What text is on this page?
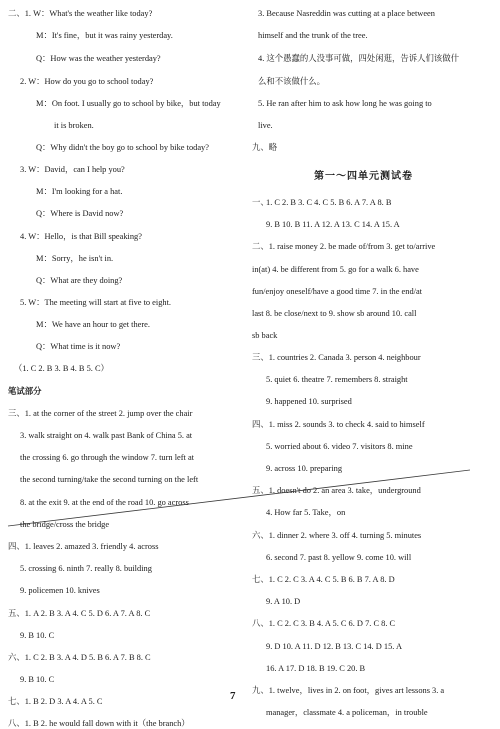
二、1. W：What's the weather like today?
M：It's fine，but it was rainy yesterday.
Q：How was the weather yesterday?
2. W：How do you go to school today?
M：On foot. I usually go to school by bike，but today
it is broken.
Q：Why didn't the boy go to school by bike today?
3. W：David，can I help you?
M：I'm looking for a hat.
Q：Where is David now?
4. W：Hello，is that Bill speaking?
M：Sorry，he isn't in.
Q：What are they doing?
5. W：The meeting will start at five to eight.
M：We have an hour to get there.
Q：What time is it now?
（1. C 2. B 3. B 4. B 5. C）
笔试部分
三、1. at the corner of the street 2. jump over the chair
3. walk straight on 4. walk past Bank of China 5. at
the crossing 6. go through the window 7. turn left at
the second turning/take the second turning on the left
8. at the exit 9. at the end of the road 10. go across
the bridge/cross the bridge
四、1. leaves 2. amazed 3. friendly 4. across
5. crossing 6. ninth 7. really 8. building
9. policemen 10. knives
五、1. A 2. B 3. A 4. C 5. D 6. A 7. A 8. C
9. B 10. C
六、1. C 2. B 3. A 4. D 5. B 6. A 7. B 8. C
9. B 10. C
七、1. B 2. D 3. A 4. A 5. C
八、1. B 2. he would fall down with it（the branch）
第一～四单元测试卷
一、
3. Because Nasreddin was cutting at a place between
himself and the trunk of the tree.
4. 这个愚蠢的人没事可做，四处闲逛，告诉人们该做什
么和不该做什么。
5. He ran after him to ask how long he was going to
live.
九、略
1. C 2. B 3. C 4. C 5. B 6. A 7. A 8. B
9. B 10. B 11. A 12. A 13. C 14. A 15. A
二、1. raise money 2. be made of/from 3. get to/arrive
in(at) 4. be different from 5. go for a walk 6. have
fun/enjoy oneself/have a good time 7. in the end/at
last 8. be close/next to 9. show sb around 10. call
sb back
三、1. countries 2. Canada 3. person 4. neighbour
5. quiet 6. theatre 7. remembers 8. straight
9. happened 10. surprised
四、1. miss 2. sounds 3. to check 4. said to himself
5. worried about 6. video 7. visitors 8. mine
9. across 10. preparing
五、1. doesn't do 2. an area 3. take，underground
4. How far 5. Take，on
六、1. dinner 2. where 3. off 4. turning 5. minutes
6. second 7. past 8. yellow 9. come 10. will
七、1. C 2. C 3. A 4. C 5. B 6. B 7. A 8. D
9. A 10. D
八、1. C 2. C 3. B 4. A 5. C 6. D 7. C 8. C
9. D 10. A 11. D 12. B 13. C 14. D 15. A
16. A 17. D 18. B 19. C 20. B
九、1. twelve，lives in 2. on foot，gives art lessons 3. a
manager，classmate 4. a policeman，in trouble
7
